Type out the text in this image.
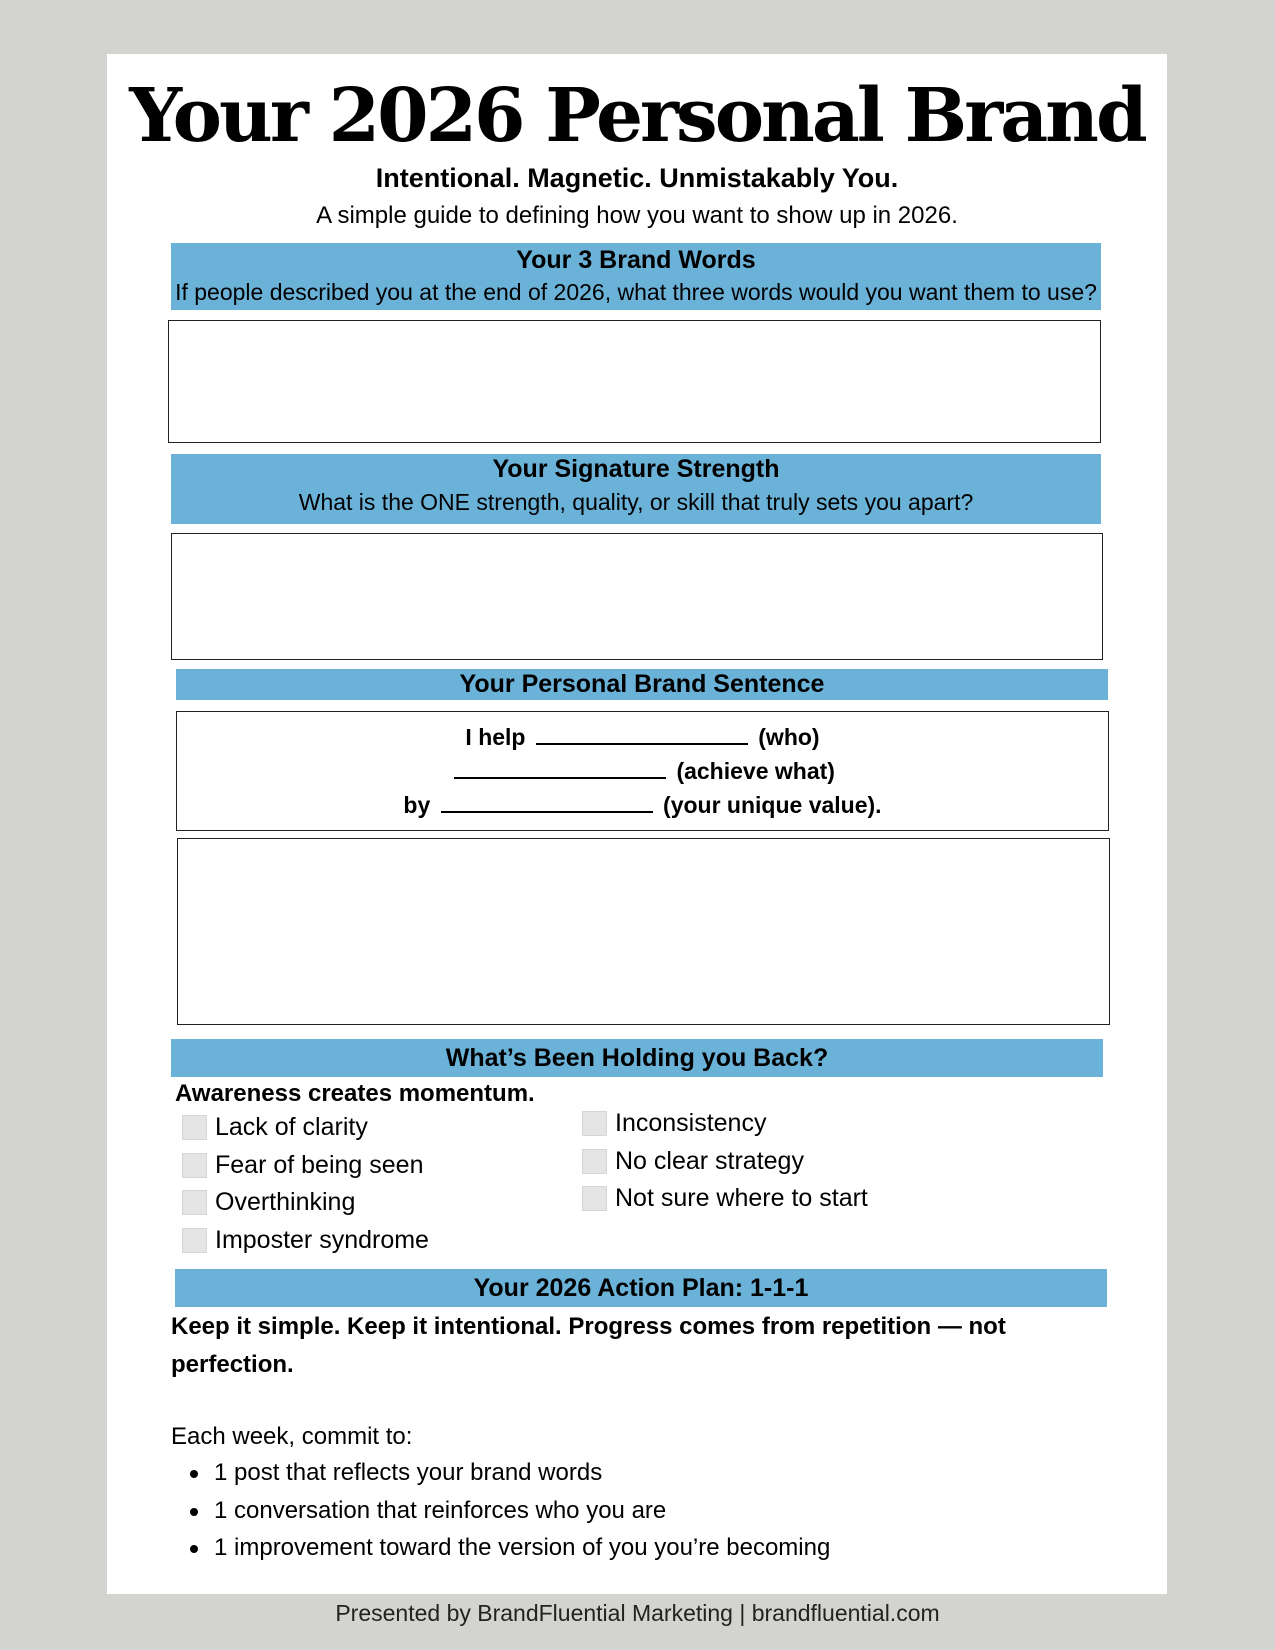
Your 2026 Personal Brand
Intentional. Magnetic. Unmistakably You.
A simple guide to defining how you want to show up in 2026.
Your 3 Brand Words
If people described you at the end of 2026, what three words would you want them to use?
Your Signature Strength
What is the ONE strength, quality, or skill that truly sets you apart?
Your Personal Brand Sentence
I help	(who)
(achieve what)
by	(your unique value).
What’s Been Holding you Back?
Awareness creates momentum.
Lack of clarity
Fear of being seen
Overthinking
Imposter syndrome
Inconsistency
No clear strategy
Not sure where to start
Your 2026 Action Plan: 1-1-1
Keep it simple. Keep it intentional. Progress comes from repetition — not perfection.
Each week, commit to:
1 post that reflects your brand words
1 conversation that reinforces who you are
1 improvement toward the version of you you’re becoming
Presented by BrandFluential Marketing | brandfluential.com
